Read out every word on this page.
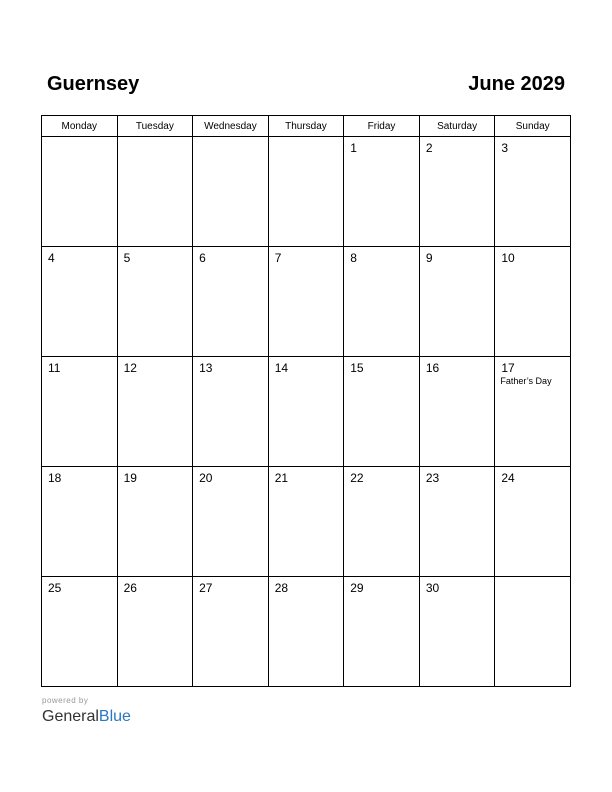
Guernsey	June 2029
Monday	Tuesday	Wednesday	Thursday	Friday	Saturday	Sunday

				1	2	3

4	5	6	7	8	9	10

11	12	13	14	15	16	17
Father’s Day

18	19	20	21	22	23	24

25	26	27	28	29	30	

powered by
GeneralBlue
